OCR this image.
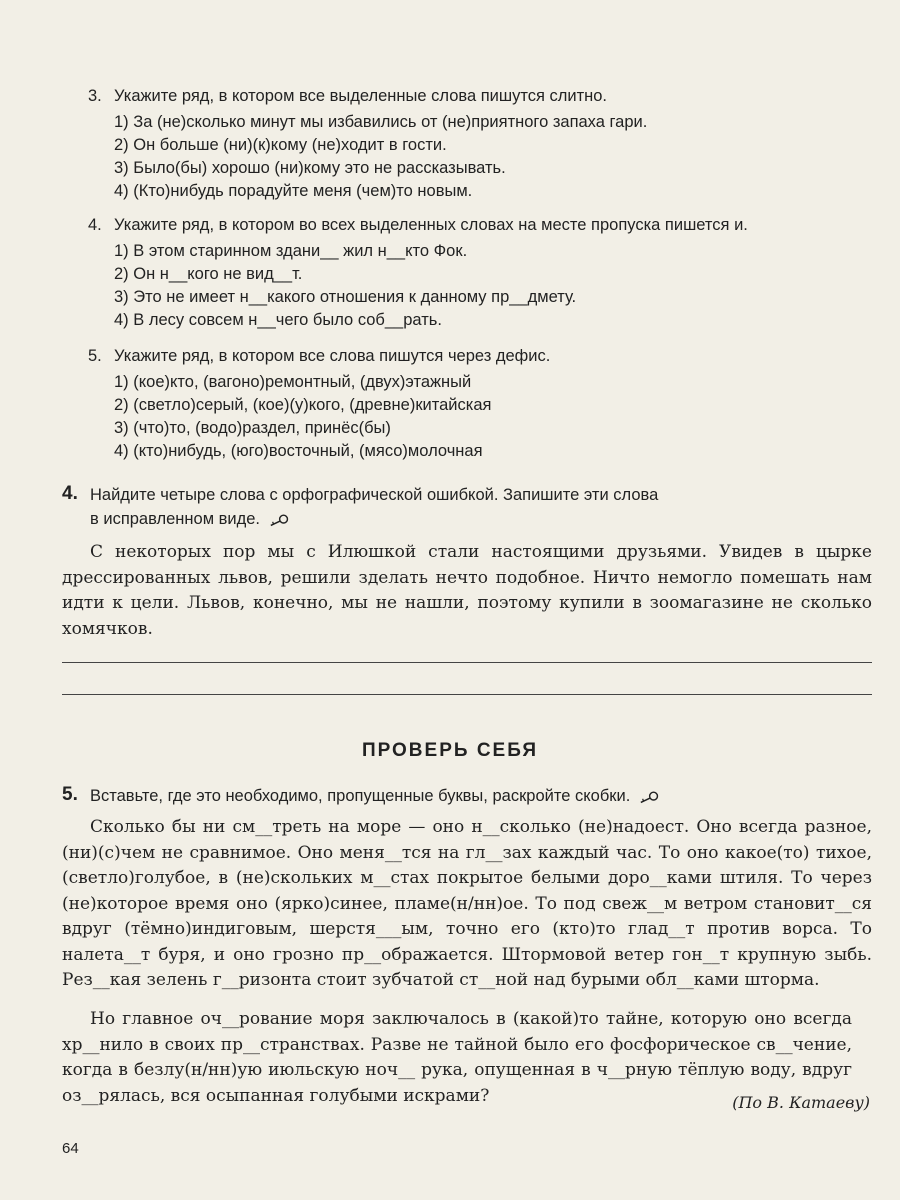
3. Укажите ряд, в котором все выделенные слова пишутся слитно.
1) За (не)сколько минут мы избавились от (не)приятного запаха гари.
2) Он больше (ни)(к)кому (не)ходит в гости.
3) Было(бы) хорошо (ни)кому это не рассказывать.
4) (Кто)нибудь порадуйте меня (чем)то новым.
4. Укажите ряд, в котором во всех выделенных словах на месте пропуска пишется и.
1) В этом старинном здани__ жил н__кто Фок.
2) Он н__кого не вид__т.
3) Это не имеет н__какого отношения к данному пр__дмету.
4) В лесу совсем н__чего было соб__рать.
5. Укажите ряд, в котором все слова пишутся через дефис.
1) (кое)кто, (вагоно)ремонтный, (двух)этажный
2) (светло)серый, (кое)(у)кого, (древне)китайская
3) (что)то, (водо)раздел, принёс(бы)
4) (кто)нибудь, (юго)восточный, (мясо)молочная
4. Найдите четыре слова с орфографической ошибкой. Запишите эти слова
в исправленном виде.
С некоторых пор мы с Илюшкой стали настоящими друзьями. Увидев в цырке дрессированных львов, решили зделать нечто подобное. Ничто немогло помешать нам идти к цели. Львов, конечно, мы не нашли, поэтому купили в зоомагазине не сколько хомячков.
ПРОВЕРЬ СЕБЯ
5. Вставьте, где это необходимо, пропущенные буквы, раскройте скобки.
Сколько бы ни см__треть на море — оно н__сколько (не)надоест. Оно всегда разное, (ни)(с)чем не сравнимое. Оно меня__тся на гл__зах каждый час. То оно какое(то) тихое, (светло)голубое, в (не)скольких м__стах покрытое белыми доро__ками штиля. То через (не)которое время оно (ярко)синее, пламе(н/нн)ое. То под свеж__м ветром становит__ся вдруг (тёмно)индиговым, шерстя___ым, точно его (кто)то глад__т против ворса. То налета__т буря, и оно грозно пр__ображается. Штормовой ветер гон__т крупную зыбь. Рез__кая зелень г__ризонта стоит зубчатой ст__ной над бурыми обл__ками шторма.
Но главное оч__рование моря заключалось в (какой)то тайне, которую оно всегда хр__нило в своих пр__странствах. Разве не тайной было его фосфорическое св__чение, когда в безлу(н/нн)ую июльскую ноч__ рука, опущенная в ч__рную тёплую воду, вдруг оз__рялась, вся осыпанная голубыми искрами?	(По В. Катаеву)
64
